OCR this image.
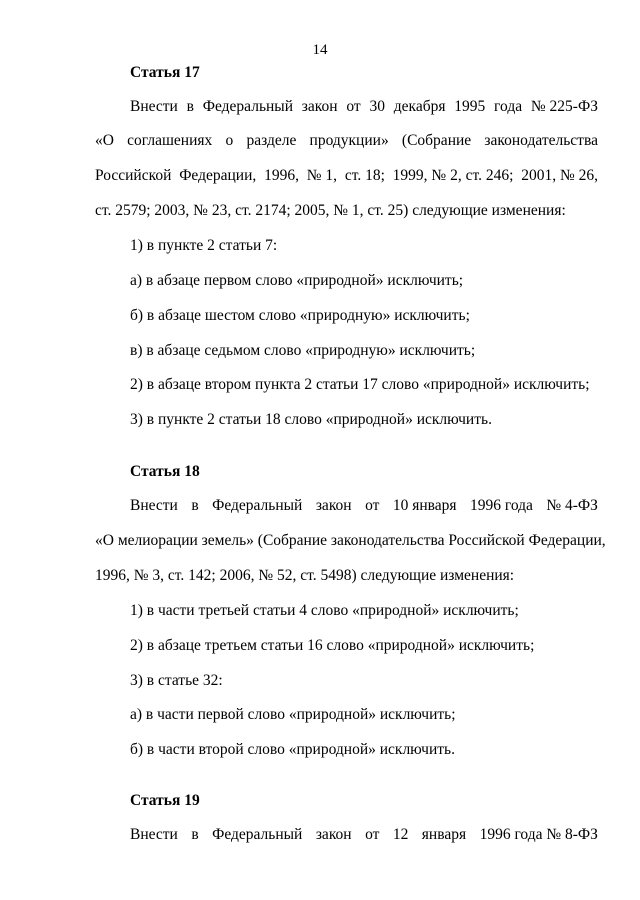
14
Статья 17
Внести в Федеральный закон от 30 декабря 1995 года № 225-ФЗ
«О соглашениях о разделе продукции» (Собрание законодательства
Российской Федерации, 1996, № 1, ст. 18; 1999, № 2, ст. 246; 2001, № 26,
ст. 2579; 2003, № 23, ст. 2174; 2005, № 1, ст. 25) следующие изменения:
1) в пункте 2 статьи 7:
а) в абзаце первом слово «природной» исключить;
б) в абзаце шестом слово «природную» исключить;
в) в абзаце седьмом слово «природную» исключить;
2) в абзаце втором пункта 2 статьи 17 слово «природной» исключить;
3) в пункте 2 статьи 18 слово «природной» исключить.
Статья 18
Внести в Федеральный закон от 10 января 1996 года № 4-ФЗ
«О мелиорации земель» (Собрание законодательства Российской Федерации,
1996, № 3, ст. 142; 2006, № 52, ст. 5498) следующие изменения:
1) в части третьей статьи 4 слово «природной» исключить;
2) в абзаце третьем статьи 16 слово «природной» исключить;
3) в статье 32:
а) в части первой слово «природной» исключить;
б) в части второй слово «природной» исключить.
Статья 19
Внести в Федеральный закон от 12 января 1996 года № 8-ФЗ
